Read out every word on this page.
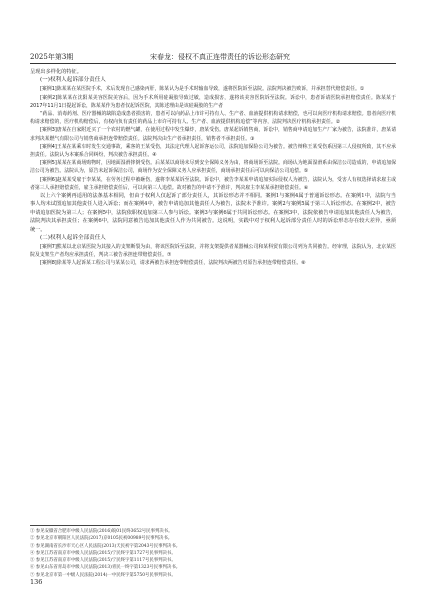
2025年第3期	宋春龙：侵权不真正连带责任的诉讼形态研究

呈现出多样化的特征。

(一)权利人起诉部分责任人

[案例1]陈某某在某医院手术，术后发现自己感染丙肝，陈某认为是手术时输血导致，遂将医院诉至法院。法院判决被告败诉，并承担替代赔偿责任。①

[案例2]陈某某在沈阳某美容医院美容后，因为手术所用硅凝胶导致过敏，造成损害，遂将该美容医院诉至法院。诉讼中，患者诉请医院承担赔偿责任。陈某某于2017年11月1日提起诉讼，陈某某作为患者仅起诉医院，其陈述理由是该硅凝胶的生产者

“药品、消毒药剂、医疗器械的缺陷造成患者损害的，患者可以向药品上市许可持有人、生产者、血液提供机构请求赔偿，也可以向医疗机构请求赔偿。患者向医疗机构请求赔偿的，医疗机构赔偿后，有权向负有责任的药品上市许可持有人、生产者、血液提供机构追偿”等内容，法院判决医疗机构承担责任。②

[案例3]唐某在自家附近买了一个农村的燃气罐，在使用过程中发生爆炸，唐某受伤。唐某起诉销售商，诉讼中，销售商申请追加生产厂家为被告，法院准许，唐某请求判决某燃气有限公司与销售商承担连带赔偿责任。法院判决由生产者承担责任，销售者不承担责任。③

[案例4]王某在某乘车时发生交通事故，乘客的王某受伤，其法定代理人起诉客运公司，法院追加保险公司为被告。被告辩称王某受伤系因第三人侵权所致，其不应承担责任。法院认为本案系合同纠纷，判决被告承担责任。④

[案例5]某某在某商场购物时，因地面湿滑摔倒受伤。后某某以商场未尽到安全保障义务为由，将商场诉至法院。商场认为地面湿滑系由保洁公司造成的，申请追加保洁公司为被告。法院认为，原告未起诉保洁公司，商场作为安全保障义务人应承担责任，商场承担责任后可以向保洁公司追偿。⑤

[案例6]赵某某受雇于李某某，在劳务过程中被砸伤，遂将李某某诉至法院。诉讼中，被告李某某申请追加实际侵权人为被告，法院认为，受害人有权选择请求雇主或者第三人承担赔偿责任，雇主承担赔偿责任后，可以向第三人追偿。故对被告的申请不予准许，判决雇主李某某承担赔偿责任。⑥

以上六个案例再适用的法条基本相同，但由于权利人仅起诉了部分责任人，其诉讼形态并不相同。案例1与案例4属于普通诉讼形态。在案例1中，法院与当事人均未试图追加其他责任人进入诉讼；而在案例4中，被告申请追加其他责任人为被告，法院未予准许。案例2与案例5属于第三人诉讼形态。在案例2中，被告申请追加医院为第三人；在案例5中，法院依职权追加第三人参与诉讼。案例3与案例6属于共同诉讼形态。在案例3中，法院依被告申请追加其他责任人为被告，法院判决其承担责任；在案例6中，法院同意被告追加其他责任人作为共同被告。这说明，实践中对于权利人起诉部分责任人时的诉讼形态存在较大差异，亟须统一。

(二)权利人起诉全部责任人

[案例7]熊某以北京某医院为其接入的支架断裂为由，将该医院诉至法院，并将支架提供者某器械公司和某科贸有限公司列为共同被告。经审理，法院认为，北京某医院及支架生产者均应承担责任，判决三被告承担连带赔偿责任。⑦

[案例8]徐某等人起诉某工程公司与某某公司，请求两被告承担连带赔偿责任，法院判决两被告对原告承担连带赔偿责任。⑧

① 参见安徽省合肥市中级人民法院(2016)皖01民终3652号民事判决书。

② 参见北京市朝阳区人民法院(2017)京0105民初00989号民事判决书。

③ 参见湖南省长沙市天心区人民法院(2013)天民初字第2043号民事判决书。

④ 参见江苏省南京市中级人民法院(2015)宁民终字第1727号民事判决书。

⑤ 参见江苏省南京市中级人民法院(2015)宁民终字第1117号民事判决书。

⑥ 参见山东省青岛市中级人民法院(2013)青民一终字第1323号民事判决书。

⑦ 参见北京市第一中级人民法院(2014)一中民终字第5750号民事判决书。

136
